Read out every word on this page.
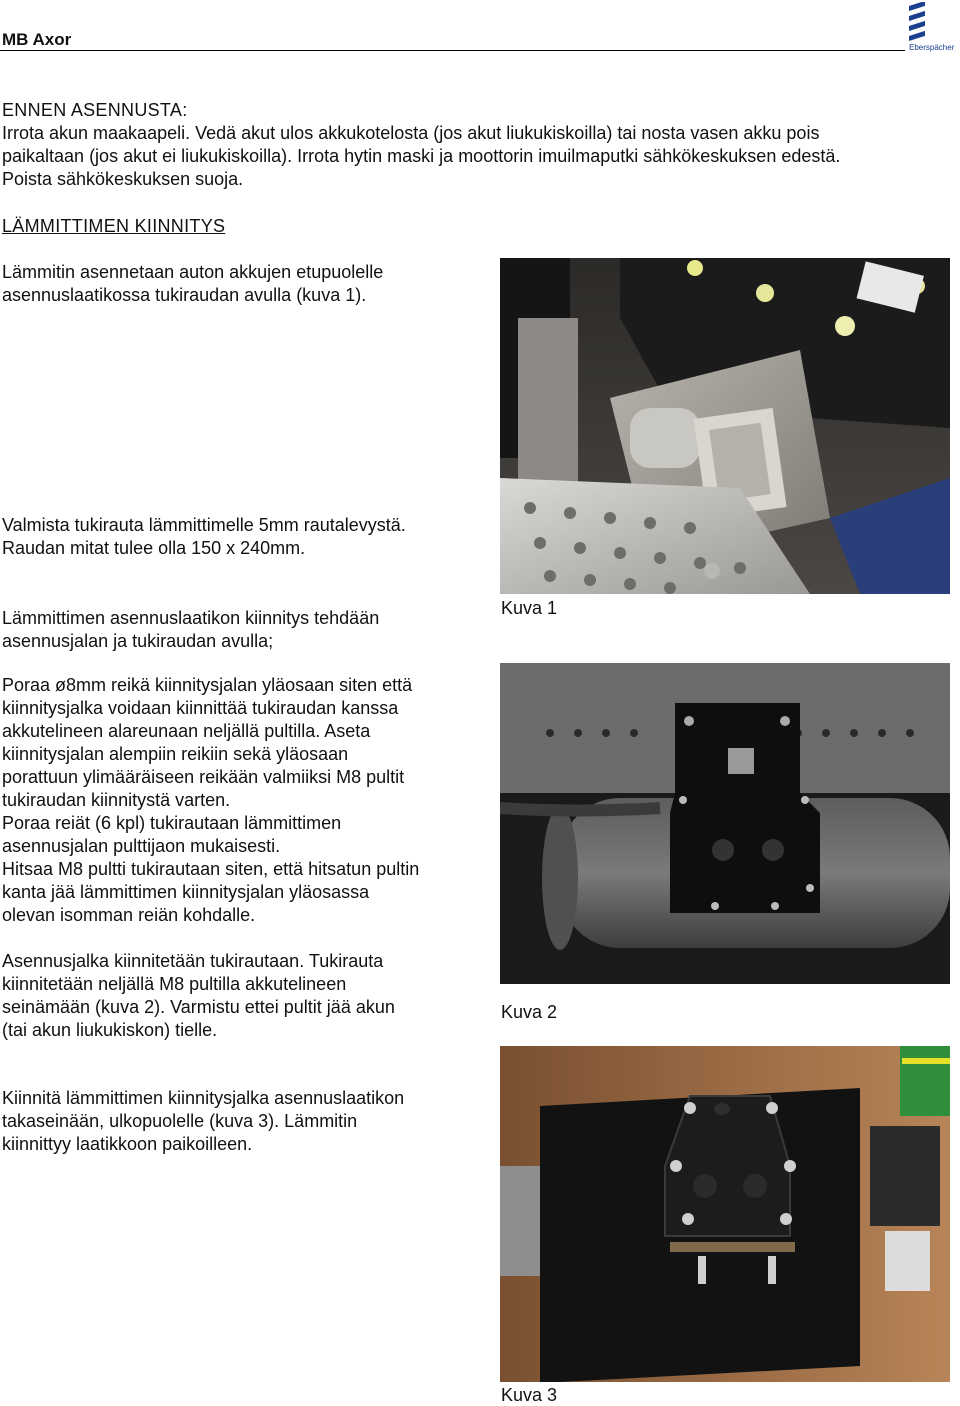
MB Axor	Eberspächer
ENNEN ASENNUSTA:
Irrota akun maakaapeli. Vedä akut ulos akkukotelosta (jos akut liukukiskoilla) tai nosta vasen akku pois
paikaltaan (jos akut ei liukukiskoilla). Irrota hytin maski ja moottorin imuilmaputki sähkökeskuksen edestä.
Poista sähkökeskuksen suoja.
LÄMMITTIMEN KIINNITYS
Lämmitin asennetaan auton akkujen etupuolelle
asennuslaatikossa tukiraudan avulla (kuva 1).
Valmista tukirauta lämmittimelle 5mm rautalevystä.
Raudan mitat tulee olla 150 x 240mm.
Lämmittimen asennuslaatikon kiinnitys tehdään
asennusjalan ja tukiraudan avulla;
Poraa ø8mm reikä kiinnitysjalan yläosaan siten että
kiinnitysjalka voidaan kiinnittää tukiraudan kanssa
akkutelineen alareunaan neljällä pultilla. Aseta
kiinnitysjalan alempiin reikiin sekä yläosaan
porattuun ylimääräiseen reikään valmiiksi M8 pultit
tukiraudan kiinnitystä varten.
Poraa reiät (6 kpl) tukirautaan lämmittimen
asennusjalan pulttijaon mukaisesti.
Hitsaa M8 pultti tukirautaan siten, että hitsatun pultin
kanta jää lämmittimen kiinnitysjalan yläosassa
olevan isomman reiän kohdalle.
Asennusjalka kiinnitetään tukirautaan. Tukirauta
kiinnitetään neljällä M8 pultilla akkutelineen
seinämään (kuva 2). Varmistu ettei pultit jää akun
(tai akun liukukiskon) tielle.
Kiinnitä lämmittimen kiinnitysjalka asennuslaatikon
takaseinään, ulkopuolelle (kuva 3). Lämmitin
kiinnittyy laatikkoon paikoilleen.
Kuva 1
Kuva 2
Kuva 3
